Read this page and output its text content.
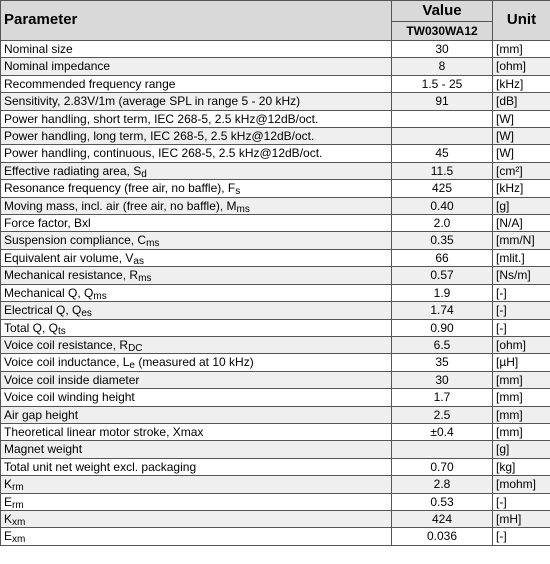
Parameter	Value	Unit
	TW030WA12	
Nominal size	30	[mm]
Nominal impedance	8	[ohm]
Recommended frequency range	1.5 - 25	[kHz]
Sensitivity, 2.83V/1m (average SPL in range 5 - 20 kHz)	91	[dB]
Power handling, short term, IEC 268-5, 2.5 kHz@12dB/oct.		[W]
Power handling, long term, IEC 268-5, 2.5 kHz@12dB/oct.		[W]
Power handling, continuous, IEC 268-5, 2.5 kHz@12dB/oct.	45	[W]
Effective radiating area, $S_d$	11.5	[cm²]
Resonance frequency (free air, no baffle), $F_s$	425	[kHz]
Moving mass, incl. air (free air, no baffle), $M_{ms}$	0.40	[g]
Force factor, Bxl	2.0	[N/A]
Suspension compliance, $C_{ms}$	0.35	[mm/N]
Equivalent air volume, $V_{as}$	66	[mlit.]
Mechanical resistance, $R_{ms}$	0.57	[Ns/m]
Mechanical Q, $Q_{ms}$	1.9	[-]
Electrical Q, $Q_{es}$	1.74	[-]
Total Q, $Q_{ts}$	0.90	[-]
Voice coil resistance, $R_{DC}$	6.5	[ohm]
Voice coil inductance, $L_e$ (measured at 10 kHz)	35	[µH]
Voice coil inside diameter	30	[mm]
Voice coil winding height	1.7	[mm]
Air gap height	2.5	[mm]
Theoretical linear motor stroke, Xmax	±0.4	[mm]
Magnet weight		[g]
Total unit net weight excl. packaging	0.70	[kg]
$K_{rm}$	2.8	[mohm]
$E_{rm}$	0.53	[-]
$K_{xm}$	424	[mH]
$E_{xm}$	0.036	[-]
